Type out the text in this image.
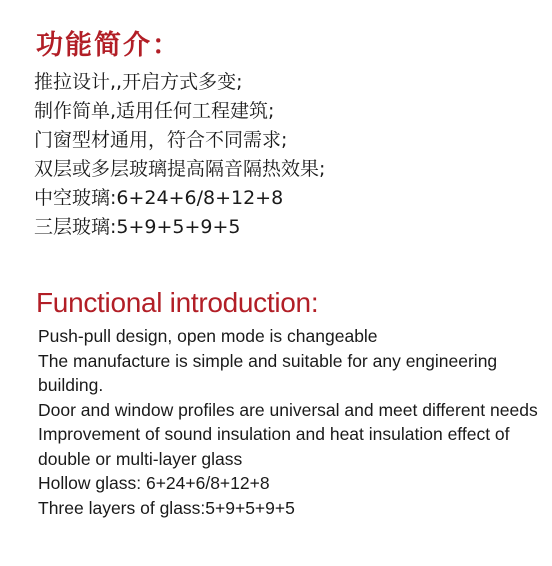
功能简介：
推拉设计,,开启方式多变;
制作简单,适用任何工程建筑;
门窗型材通用，符合不同需求;
双层或多层玻璃提高隔音隔热效果;
中空玻璃:6+24+6/8+12+8
三层玻璃:5+9+5+9+5
Functional introduction:
Push-pull design, open mode is changeable
The manufacture is simple and suitable for any engineering building.
Door and window profiles are universal and meet different needs
Improvement of sound insulation and heat insulation effect of double or multi-layer glass
Hollow glass: 6+24+6/8+12+8
Three layers of glass:5+9+5+9+5
